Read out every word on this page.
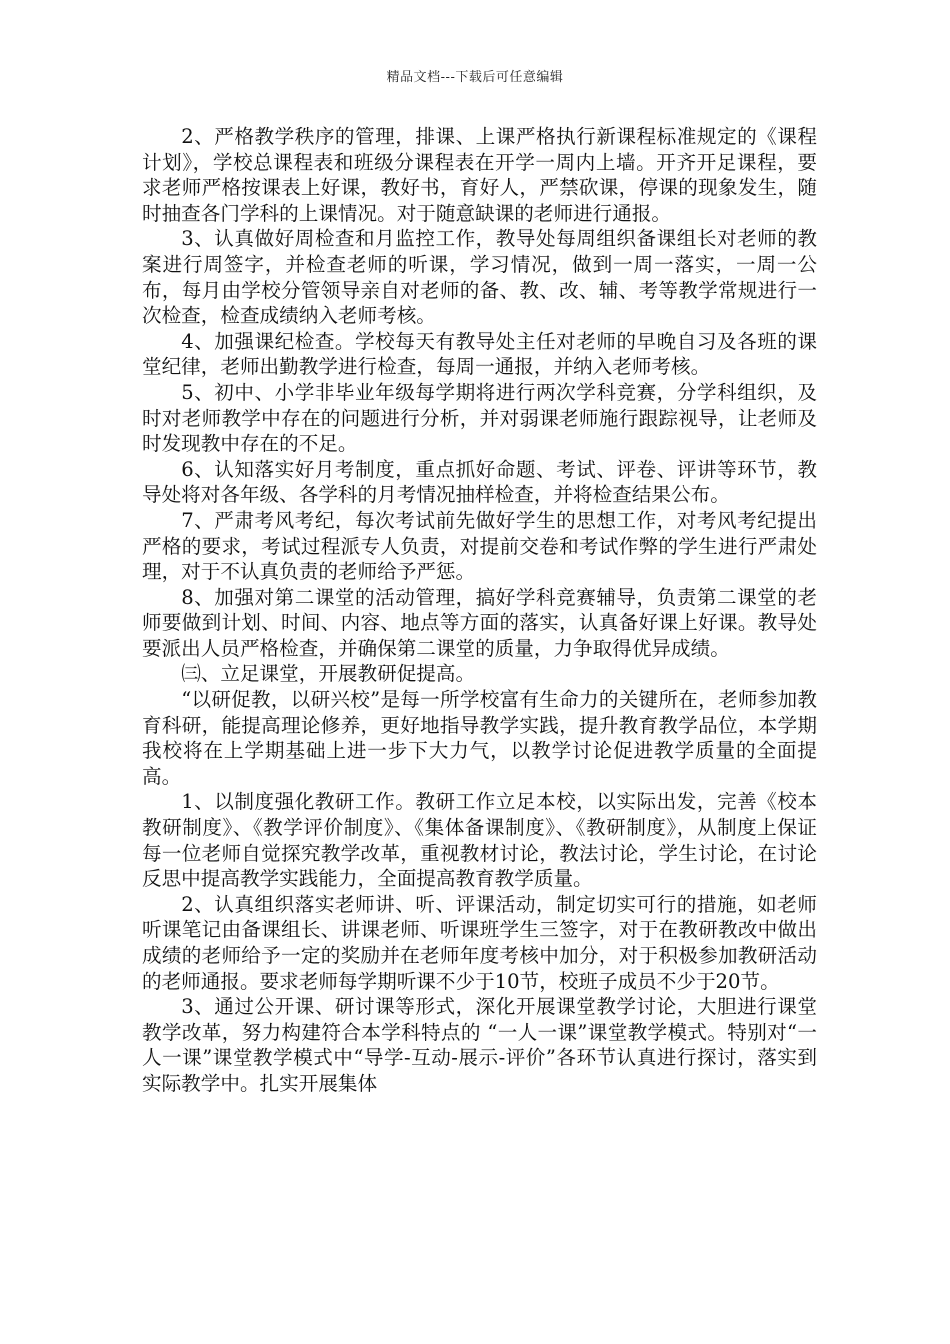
精品文档---下载后可任意编辑

2、严格教学秩序的管理，排课、上课严格执行新课程标准规定的《课程计划》，学校总课程表和班级分课程表在开学一周内上墙。开齐开足课程，要求老师严格按课表上好课，教好书，育好人，严禁砍课，停课的现象发生，随时抽查各门学科的上课情况。对于随意缺课的老师进行通报。

3、认真做好周检查和月监控工作，教导处每周组织备课组长对老师的教案进行周签字，并检查老师的听课，学习情况，做到一周一落实，一周一公布，每月由学校分管领导亲自对老师的备、教、改、辅、考等教学常规进行一次检查，检查成绩纳入老师考核。

4、加强课纪检查。学校每天有教导处主任对老师的早晚自习及各班的课堂纪律，老师出勤教学进行检查，每周一通报，并纳入老师考核。

5、初中、小学非毕业年级每学期将进行两次学科竞赛，分学科组织，及时对老师教学中存在的问题进行分析，并对弱课老师施行跟踪视导，让老师及时发现教中存在的不足。

6、认知落实好月考制度，重点抓好命题、考试、评卷、评讲等环节，教导处将对各年级、各学科的月考情况抽样检查，并将检查结果公布。

7、严肃考风考纪，每次考试前先做好学生的思想工作，对考风考纪提出严格的要求，考试过程派专人负责，对提前交卷和考试作弊的学生进行严肃处理，对于不认真负责的老师给予严惩。

8、加强对第二课堂的活动管理，搞好学科竞赛辅导，负责第二课堂的老师要做到计划、时间、内容、地点等方面的落实，认真备好课上好课。教导处要派出人员严格检查，并确保第二课堂的质量，力争取得优异成绩。

㈢、立足课堂，开展教研促提高。

“以研促教，以研兴校”是每一所学校富有生命力的关键所在，老师参加教育科研，能提高理论修养，更好地指导教学实践，提升教育教学品位，本学期我校将在上学期基础上进一步下大力气，以教学讨论促进教学质量的全面提高。

1、以制度强化教研工作。教研工作立足本校，以实际出发，完善《校本教研制度》、《教学评价制度》、《集体备课制度》、《教研制度》，从制度上保证每一位老师自觉探究教学改革，重视教材讨论，教法讨论，学生讨论，在讨论反思中提高教学实践能力，全面提高教育教学质量。

2、认真组织落实老师讲、听、评课活动，制定切实可行的措施，如老师听课笔记由备课组长、讲课老师、听课班学生三签字，对于在教研教改中做出成绩的老师给予一定的奖励并在老师年度考核中加分，对于积极参加教研活动的老师通报。要求老师每学期听课不少于10节，校班子成员不少于20节。

3、通过公开课、研讨课等形式，深化开展课堂教学讨论，大胆进行课堂教学改革，努力构建符合本学科特点的 “一人一课”课堂教学模式。特别对“一人一课”课堂教学模式中“导学-互动-展示-评价”各环节认真进行探讨，落实到实际教学中。扎实开展集体
